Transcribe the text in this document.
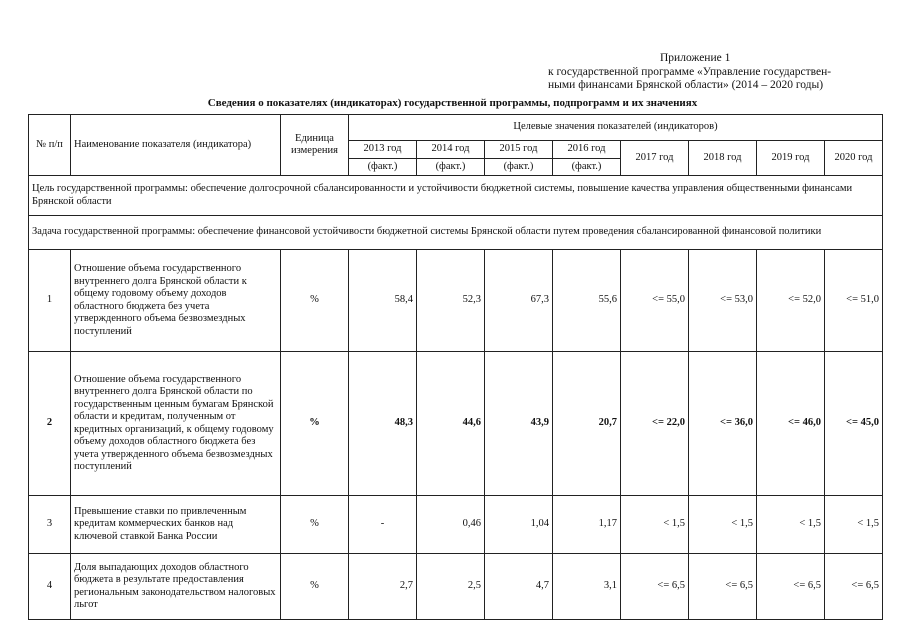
Приложение 1
к государственной программе «Управление государствен-
ными финансами Брянской области» (2014 – 2020 годы)
Сведения о показателях (индикаторах) государственной программы, подпрограмм и их значениях
№ п/п	Наименование показателя (индикатора)	Единица измерения	Целевые значения показателей (индикаторов)							
			2013 год	2014 год	2015 год	2016 год	2017 год	2018 год	2019 год	2020 год
			(факт.)	(факт.)	(факт.)	(факт.)				
Цель государственной программы: обеспечение долгосрочной сбалансированности и устойчивости бюджетной системы, повышение качества управления общественными финансами Брянской области										
Задача государственной программы: обеспечение финансовой устойчивости бюджетной системы Брянской области путем проведения сбалансированной финансовой политики										
1	Отношение объема государственного внутреннего долга Брянской области к общему годовому объему доходов областного бюджета без учета утвержденного объема безвозмездных поступлений	%	58,4	52,3	67,3	55,6	<= 55,0	<= 53,0	<= 52,0	<= 51,0
2	Отношение объема государственного внутреннего долга Брянской области по государственным ценным бумагам Брянской области и кредитам, полученным от кредитных организаций, к общему годовому объему доходов областного бюджета без учета утвержденного объема безвозмездных поступлений	%	48,3	44,6	43,9	20,7	<= 22,0	<= 36,0	<= 46,0	<= 45,0
3	Превышение ставки по привлеченным кредитам коммерческих банков над ключевой ставкой Банка России	%	-	0,46	1,04	1,17	< 1,5	< 1,5	< 1,5	< 1,5
4	Доля выпадающих доходов областного бюджета в результате предоставления региональным законодательством налоговых льгот	%	2,7	2,5	4,7	3,1	<= 6,5	<= 6,5	<= 6,5	<= 6,5
